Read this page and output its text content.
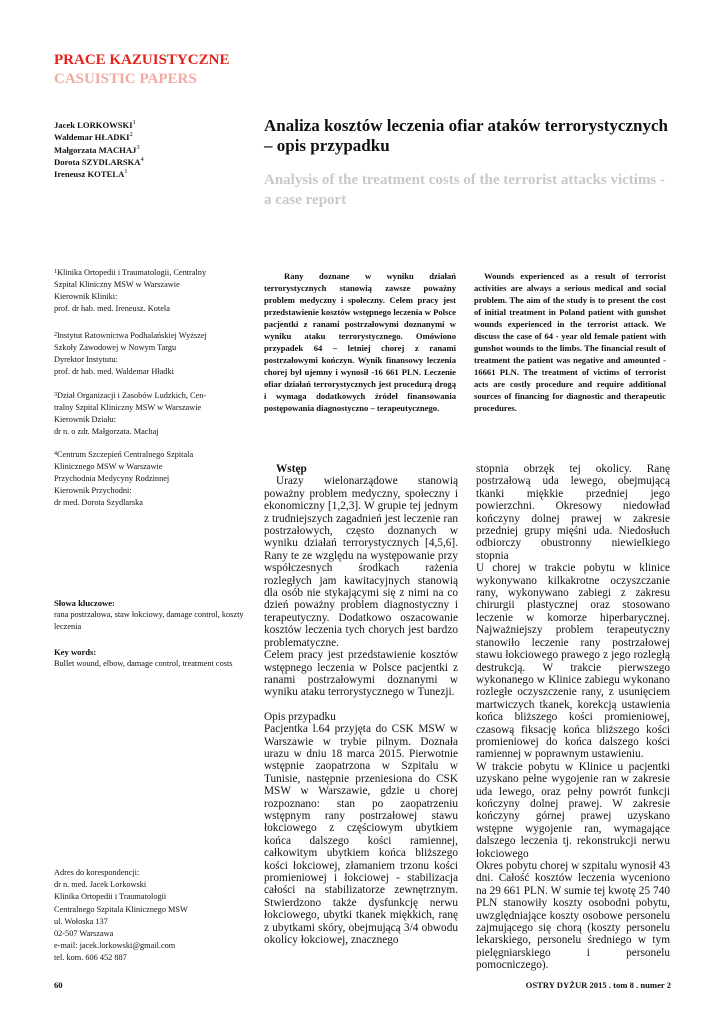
PRACE KAZUISTYCZNE
CASUISTIC PAPERS
Jacek LORKOWSKI$^1$
Waldemar HŁADKI$^2$
Małgorzata MACHAJ$^3$
Dorota SZYDLARSKA$^4$
Ireneusz KOTELA$^1$
Analiza kosztów leczenia ofiar ataków terrorystycznych – opis przypadku
Analysis of the treatment costs of the terrorist attacks victims - a case report
$^1$Klinika Ortopedii i Traumatologii, Centralny
Szpital Kliniczny MSW w Warszawie
Kierownik Kliniki:
prof. dr hab. med. Ireneusz. Kotela
$^2$Instytut Ratownictwa Podhalańskiej Wyższej
Szkoły Zawodowej w Nowym Targu
Dyrektor Instytutu:
prof. dr hab. med. Waldemar Hładki
$^3$Dział Organizacji i Zasobów Ludzkich, Cen-
tralny Szpital Kliniczny MSW w Warszawie
Kierownik Działu:
dr n. o zdr. Małgorzata. Machaj
$^4$Centrum Szczepień Centralnego Szpitala
Klinicznego MSW w Warszawie
Przychodnia Medycyny Rodzinnej
Kierownik Przychodni:
dr med. Dorota Szydlarska
Rany doznane w wyniku działań terrorystycznych stanowią zawsze poważny problem medyczny i społeczny. Celem pracy jest przedstawienie kosztów wstępnego leczenia w Polsce pacjentki z ranami postrzałowymi doznanymi w wyniku ataku terrorystycznego. Omówiono przypadek 64 – letniej chorej z ranami postrzałowymi kończyn. Wynik finansowy leczenia chorej był ujemny i wynosił -16 661 PLN. Leczenie ofiar działań terrorystycznych jest procedurą drogą i wymaga dodatkowych źródeł finansowania postępowania diagnostyczno – terapeutycznego.
Wounds experienced as a result of terrorist activities are always a serious medical and social problem. The aim of the study is to present the cost of initial treatment in Poland patient with gunshot wounds experienced in the terrorist attack. We discuss the case of 64 - year old female patient with gunshot wounds to the limbs. The financial result of treatment the patient was negative and amounted - 16661 PLN. The treatment of victims of terrorist acts are costly procedure and require additional sources of financing for diagnostic and therapeutic procedures.
Słowa kluczowe:
rana postrzałowa, staw łokciowy, damage control, koszty leczenia
Key words:
Bullet wound, elbow, damage control, treatment costs

Wstęp

Urazy wielonarządowe stanowią poważny problem medyczny, społeczny i ekonomiczny [1,2,3]. W grupie tej jednym z trudniejszych zagadnień jest leczenie ran postrzałowych, często doznanych w wyniku działań terrorystycznych [4,5,6]. Rany te ze względu na występowanie przy współczesnych środkach rażenia rozległych jam kawitacyjnych stanowią dla osób nie stykającymi się z nimi na co dzień poważny problem diagnostyczny i terapeutyczny. Dodatkowo oszacowanie kosztów leczenia tych chorych jest bardzo problematyczne.

Celem pracy jest przedstawienie kosztów wstępnego leczenia w Polsce pacjentki z ranami postrzałowymi doznanymi w wyniku ataku terrorystycznego w Tunezji.

Opis przypadku

Pacjentka l.64 przyjęta do CSK MSW w Warszawie w trybie pilnym. Doznała urazu w dniu 18 marca 2015. Pierwotnie wstępnie zaopatrzona w Szpitalu w Tunisie, następnie przeniesiona do CSK MSW w Warszawie, gdzie u chorej rozpoznano: stan po zaopatrzeniu wstępnym rany postrzałowej stawu łokciowego z częściowym ubytkiem końca dalszego kości ramiennej, całkowitym ubytkiem końca bliższego kości łokciowej, złamaniem trzonu kości promieniowej i łokciowej - stabilizacja całości na stabilizatorze zewnętrznym. Stwierdzono także dysfunkcję nerwu łokciowego, ubytki tkanek miękkich, ranę z ubytkami skóry, obejmującą 3/4 obwodu okolicy łokciowej, znacznego

stopnia obrzęk tej okolicy. Ranę postrzałową uda lewego, obejmującą tkanki miękkie przedniej jego powierzchni. Okresowy niedowład kończyny dolnej prawej w zakresie przedniej grupy mięśni uda. Niedosłuch odbiorczy obustronny niewielkiego stopnia

U chorej w trakcie pobytu w klinice wykonywano kilkakrotne oczyszczanie rany, wykonywano zabiegi z zakresu chirurgii plastycznej oraz stosowano leczenie w komorze hiperbarycznej. Najważniejszy problem terapeutyczny stanowiło leczenie rany postrzałowej stawu łokciowego prawego z jego rozległą destrukcją. W trakcie pierwszego wykonanego w Klinice zabiegu wykonano rozległe oczyszczenie rany, z usunięciem martwiczych tkanek, korekcją ustawienia końca bliższego kości promieniowej, czasową fiksację końca bliższego kości promieniowej do końca dalszego kości ramiennej w poprawnym ustawieniu.

W trakcie pobytu w Klinice u pacjentki uzyskano pełne wygojenie ran w zakresie uda lewego, oraz pełny powrót funkcji kończyny dolnej prawej. W zakresie kończyny górnej prawej uzyskano wstępne wygojenie ran, wymagające dalszego leczenia tj. rekonstrukcji nerwu łokciowego

Okres pobytu chorej w szpitalu wynosił 43 dni. Całość kosztów leczenia wyceniono na 29 661 PLN. W sumie tej kwotę 25 740 PLN stanowiły koszty osobodni pobytu, uwzględniające koszty osobowe personelu zajmującego się chorą (koszty personelu lekarskiego, personelu średniego w tym pielęgniarskiego i personelu pomocniczego).

Adres do korespondencji:
dr n. med. Jacek Lorkowski
Klinika Ortopedii i Traumatologii
Centralnego Szpitala Klinicznego MSW
ul. Wołoska 137
02-507 Warszawa
e-mail: jacek.lorkowski@gmail.com
tel. kom. 606 452 887
60	OSTRY DYŻUR 2015 . tom 8 . numer 2
